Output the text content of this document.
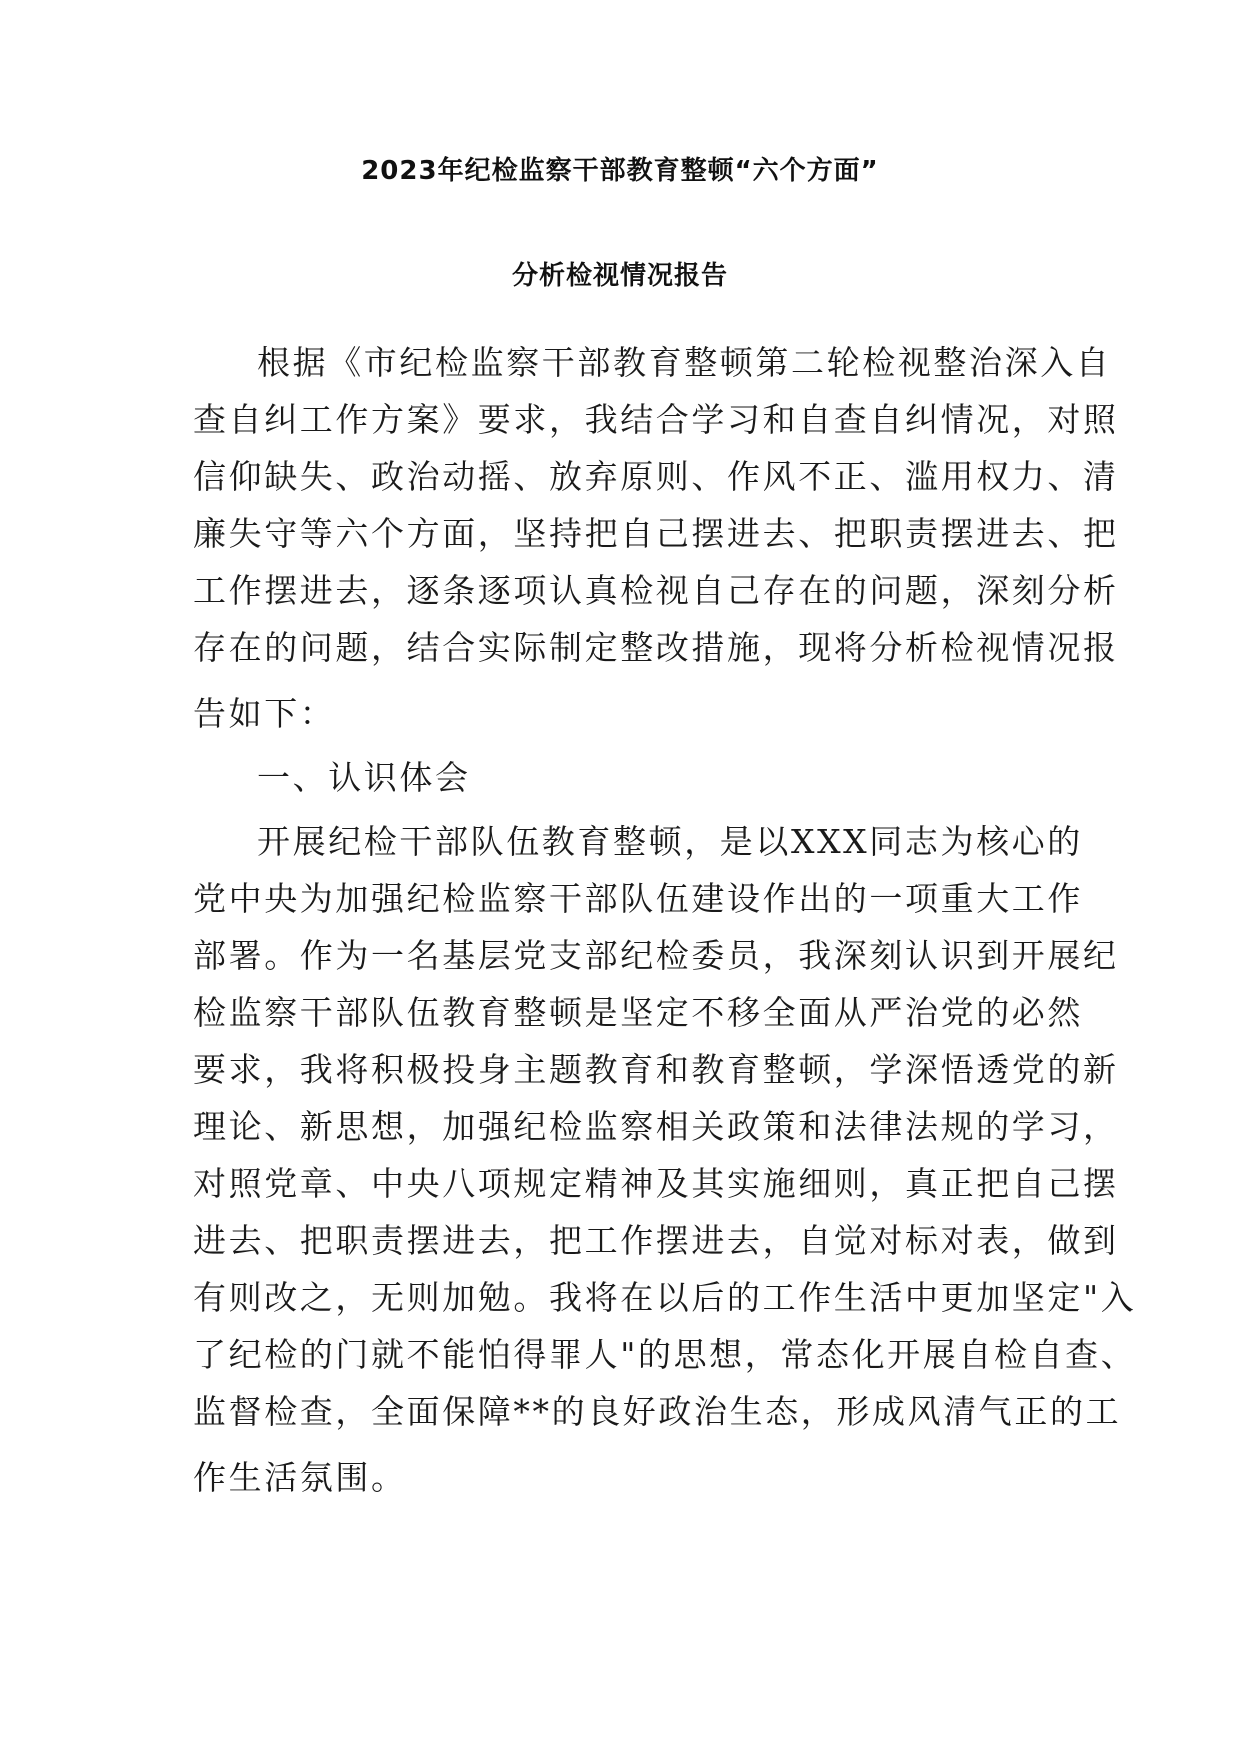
2023年纪检监察干部教育整顿“六个方面”
分析检视情况报告
根据《市纪检监察干部教育整顿第二轮检视整治深入自
查自纠工作方案》要求，我结合学习和自查自纠情况，对照
信仰缺失、政治动摇、放弃原则、作风不正、滥用权力、清
廉失守等六个方面，坚持把自己摆进去、把职责摆进去、把
工作摆进去，逐条逐项认真检视自己存在的问题，深刻分析
存在的问题，结合实际制定整改措施，现将分析检视情况报
告如下：
一、认识体会
开展纪检干部队伍教育整顿，是以XXX同志为核心的
党中央为加强纪检监察干部队伍建设作出的一项重大工作
部署。作为一名基层党支部纪检委员，我深刻认识到开展纪
检监察干部队伍教育整顿是坚定不移全面从严治党的必然
要求，我将积极投身主题教育和教育整顿，学深悟透党的新
理论、新思想，加强纪检监察相关政策和法律法规的学习，
对照党章、中央八项规定精神及其实施细则，真正把自己摆
进去、把职责摆进去，把工作摆进去，自觉对标对表，做到
有则改之，无则加勉。我将在以后的工作生活中更加坚定"入
了纪检的门就不能怕得罪人"的思想，常态化开展自检自查、
监督检查，全面保障**的良好政治生态，形成风清气正的工
作生活氛围。
